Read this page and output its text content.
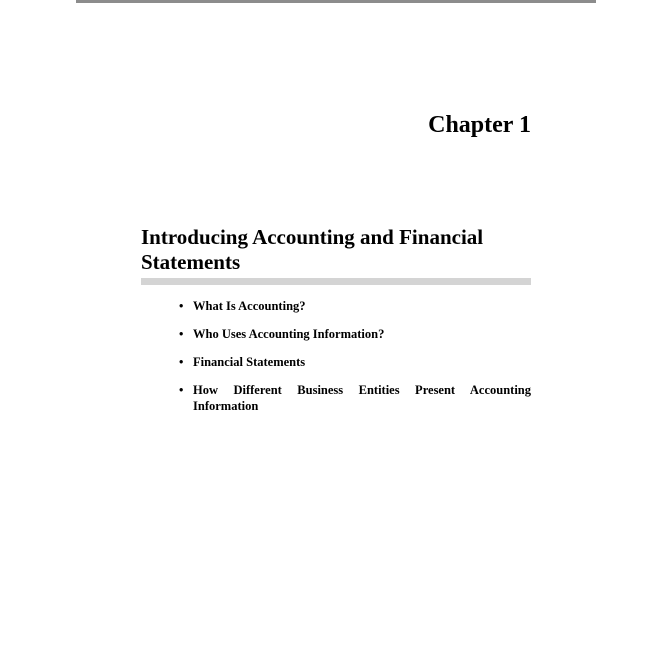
Chapter 1
Introducing Accounting and Financial Statements
• What Is Accounting?
• Who Uses Accounting Information?
• Financial Statements
• How Different Business Entities Present Accounting Information
